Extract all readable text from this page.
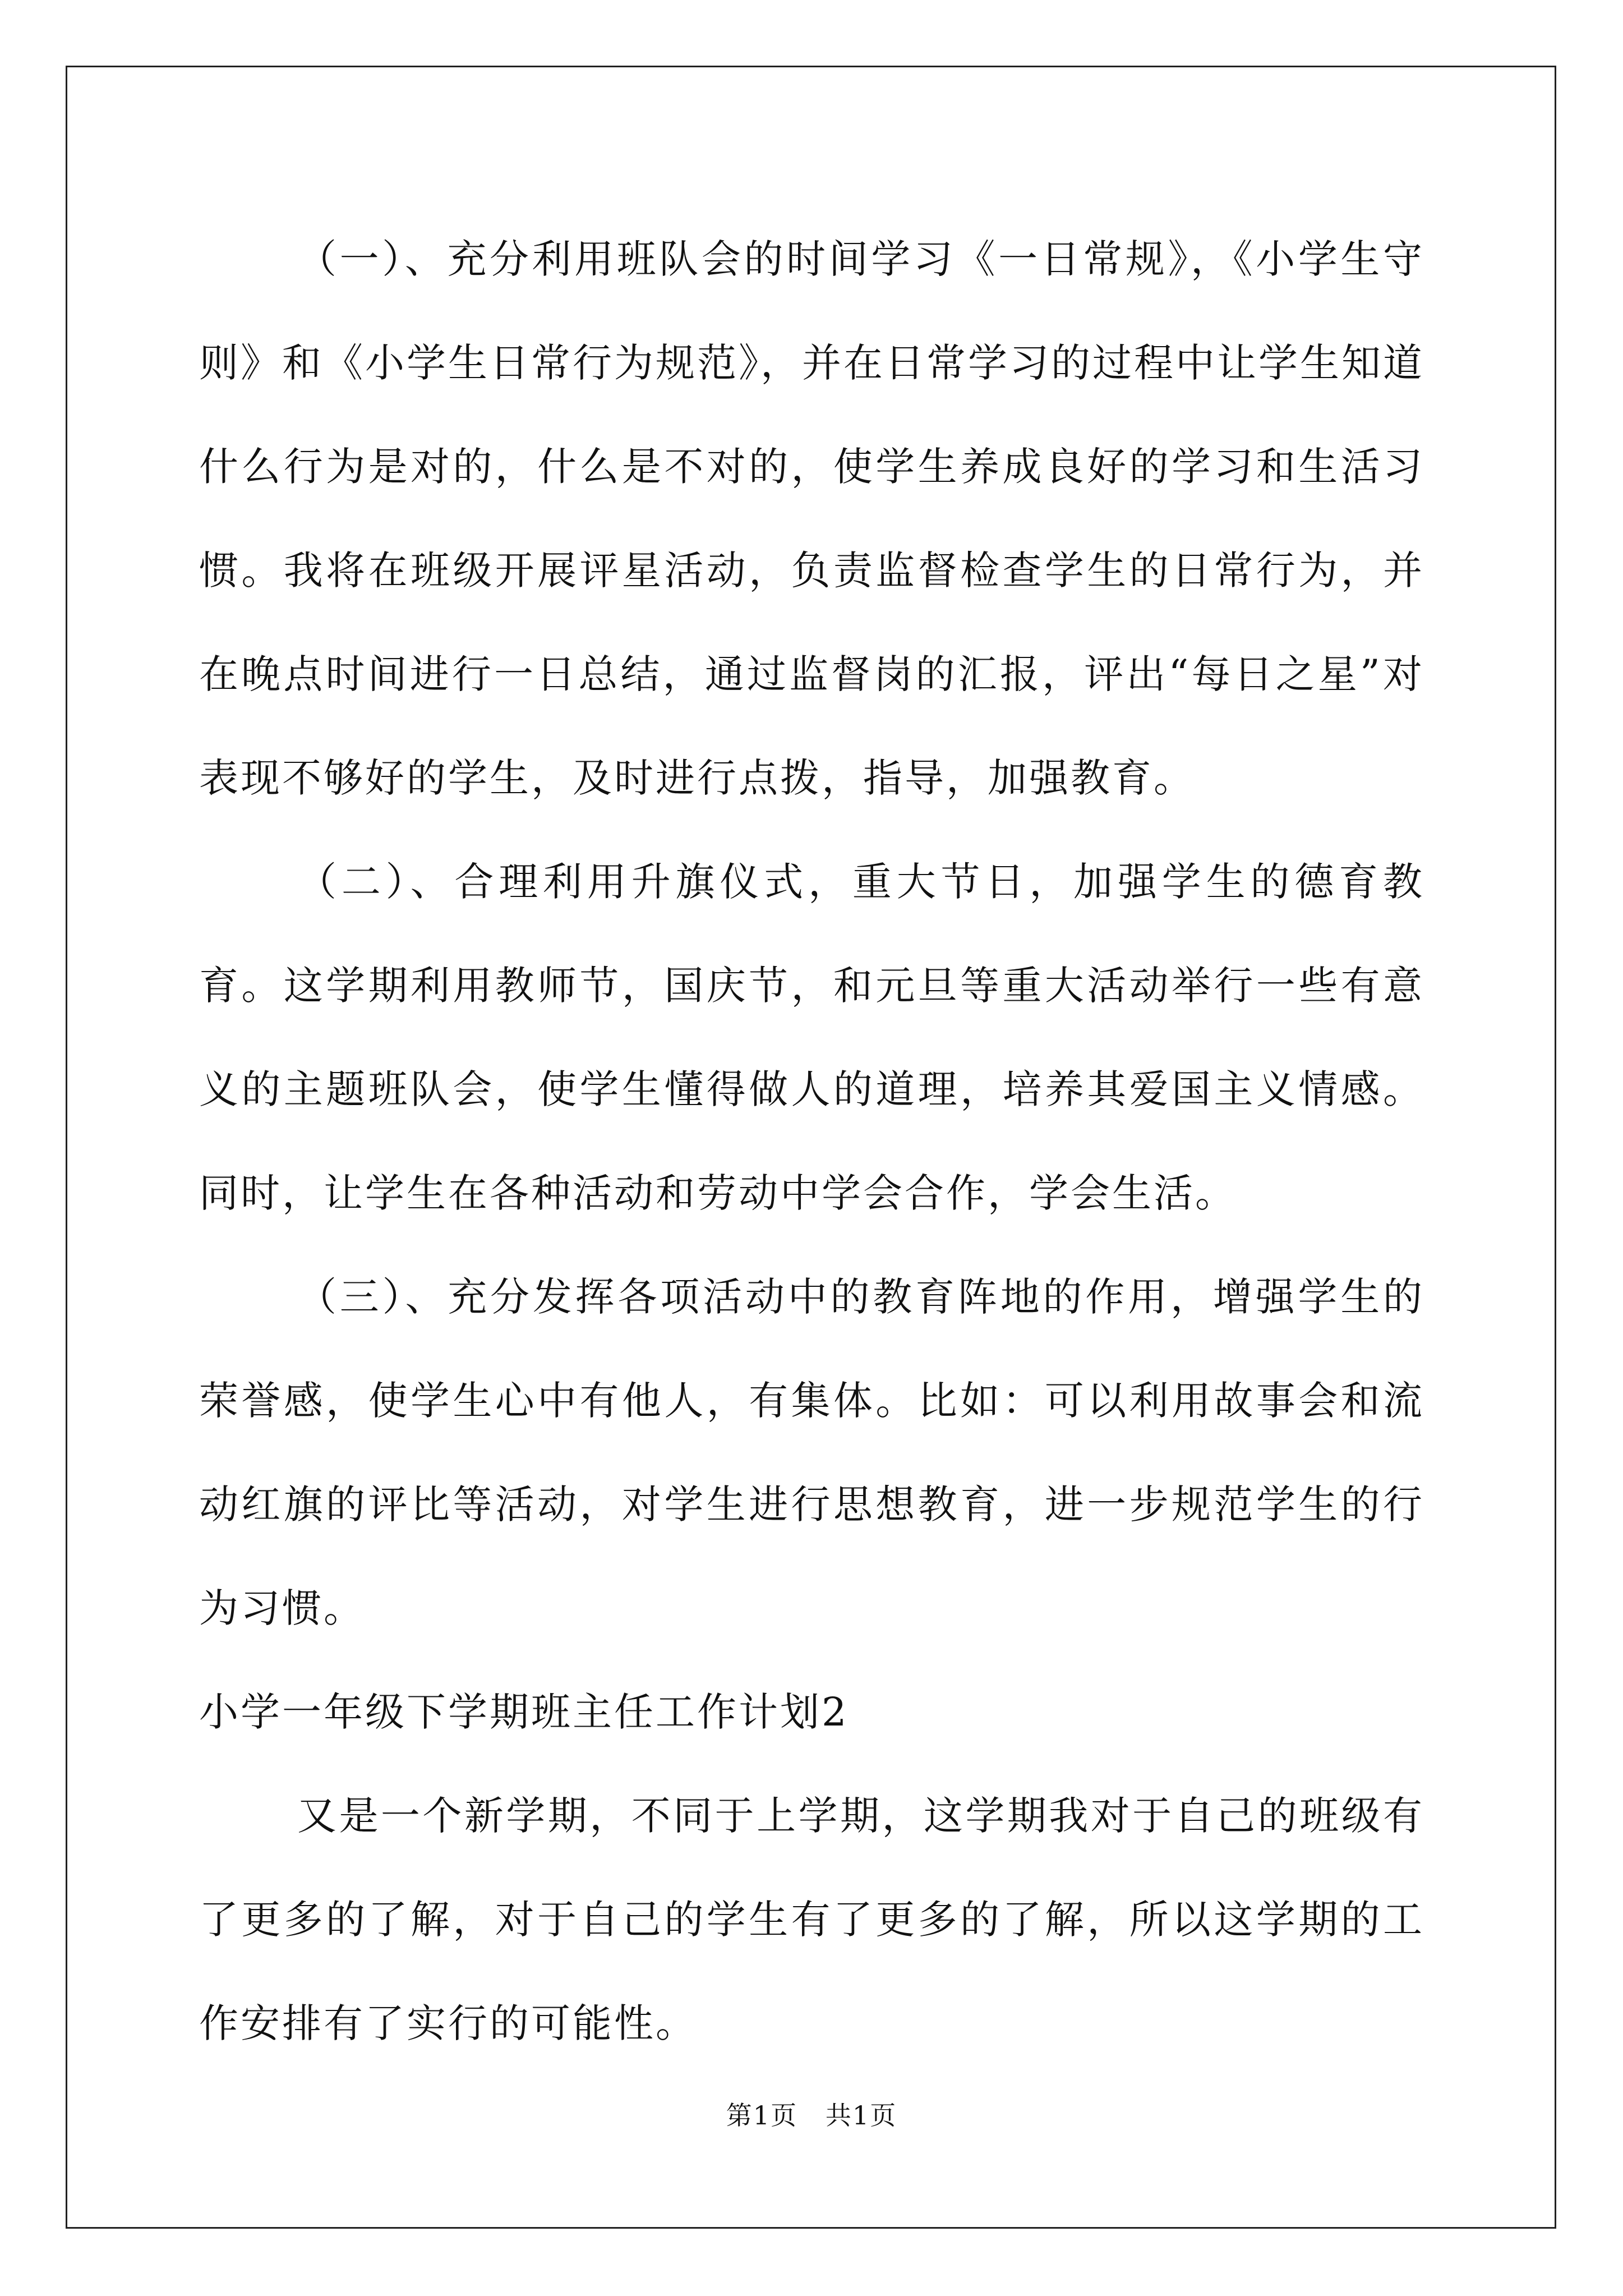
（一）、充分利用班队会的时间学习《一日常规》，《小学生守则》和《小学生日常行为规范》，并在日常学习的过程中让学生知道什么行为是对的，什么是不对的，使学生养成良好的学习和生活习惯。我将在班级开展评星活动，负责监督检查学生的日常行为，并在晚点时间进行一日总结，通过监督岗的汇报，评出“每日之星”对表现不够好的学生，及时进行点拨，指导，加强教育。

（二）、合理利用升旗仪式，重大节日，加强学生的德育教育。这学期利用教师节，国庆节，和元旦等重大活动举行一些有意义的主题班队会，使学生懂得做人的道理，培养其爱国主义情感。同时，让学生在各种活动和劳动中学会合作，学会生活。

（三）、充分发挥各项活动中的教育阵地的作用，增强学生的荣誉感，使学生心中有他人，有集体。比如：可以利用故事会和流动红旗的评比等活动，对学生进行思想教育，进一步规范学生的行为习惯。

小学一年级下学期班主任工作计划2

又是一个新学期，不同于上学期，这学期我对于自己的班级有了更多的了解，对于自己的学生有了更多的了解，所以这学期的工作安排有了实行的可能性。

第1页   共1页
